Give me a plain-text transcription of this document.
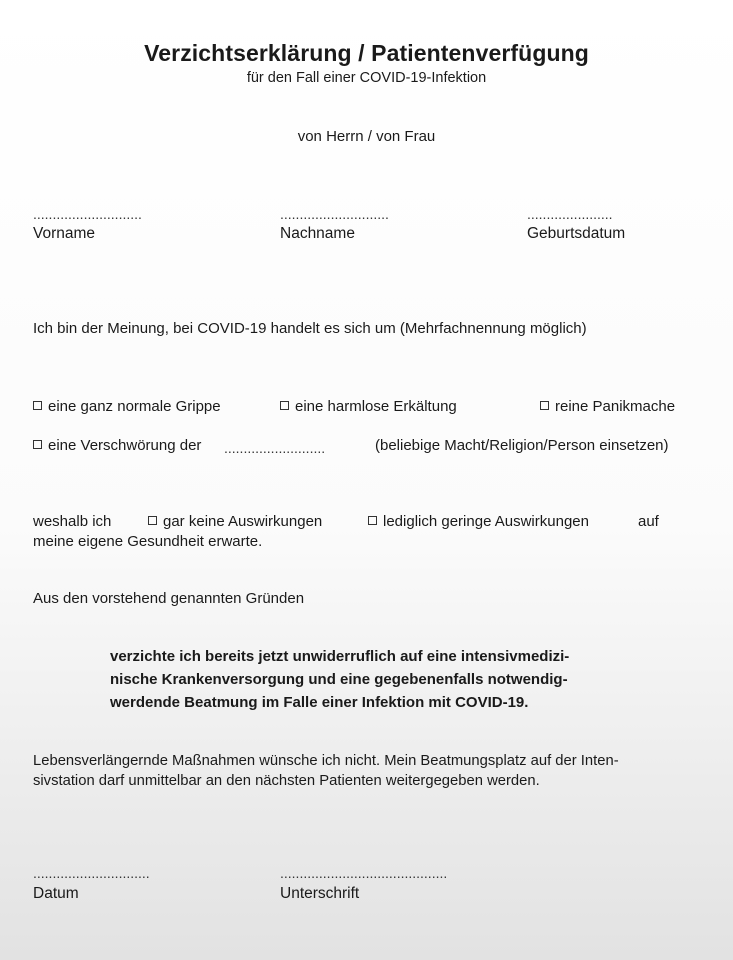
Verzichtserklärung / Patientenverfügung
für den Fall einer COVID-19-Infektion
von Herrn / von Frau
............................
Vorname
............................
Nachname
......................
Geburtsdatum
Ich bin der Meinung, bei COVID-19 handelt es sich um (Mehrfachnennung möglich)
eine ganz normale Grippe	eine harmlose Erkältung	reine Panikmache
eine Verschwörung der ..........................	(beliebige Macht/Religion/Person einsetzen)
weshalb ich	gar keine Auswirkungen	lediglich geringe Auswirkungen	auf
meine eigene Gesundheit erwarte.
Aus den vorstehend genannten Gründen
verzichte ich bereits jetzt unwiderruflich auf eine intensivmedizi-
nische Krankenversorgung und eine gegebenenfalls notwendig-
werdende Beatmung im Falle einer Infektion mit COVID-19.
Lebensverlängernde Maßnahmen wünsche ich nicht. Mein Beatmungsplatz auf der Inten-
sivstation darf unmittelbar an den nächsten Patienten weitergegeben werden.
..............................
Datum
...........................................
Unterschrift
